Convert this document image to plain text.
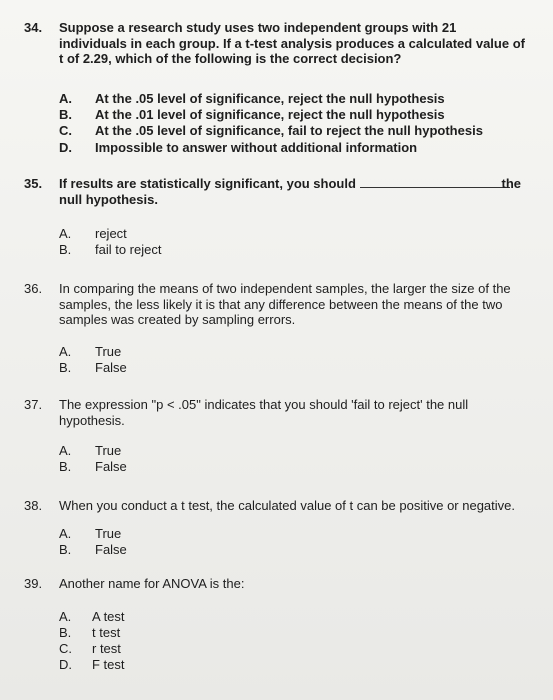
34. Suppose a research study uses two independent groups with 21 individuals in each group. If a t-test analysis produces a calculated value of t of 2.29, which of the following is the correct decision?
A. At the .05 level of significance, reject the null hypothesis
B. At the .01 level of significance, reject the null hypothesis
C. At the .05 level of significance, fail to reject the null hypothesis
D. Impossible to answer without additional information
35. If results are statistically significant, you should	the

null hypothesis.
A. reject
B. fail to reject
36. In comparing the means of two independent samples, the larger the size of the samples, the less likely it is that any difference between the means of the two samples was created by sampling errors.
A. True
B. False
37. The expression "p < .05" indicates that you should 'fail to reject' the null hypothesis.
A. True
B. False
38. When you conduct a t test, the calculated value of t can be positive or negative.
A. True
B. False
39. Another name for ANOVA is the:
A. A test
B. t test
C. r test
D. F test
